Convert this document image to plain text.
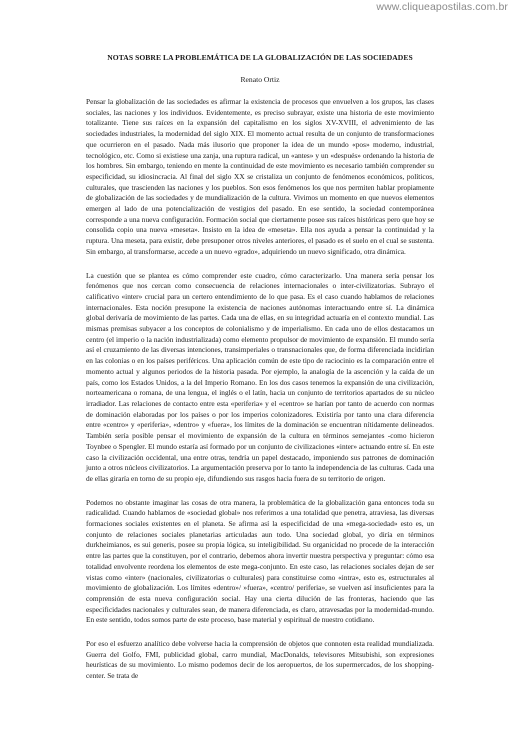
www.cliqueapostilas.com.br
NOTAS SOBRE LA PROBLEMÁTICA DE LA GLOBALIZACIÓN DE LAS SOCIEDADES
Renato Ortiz

Pensar la globalización de las sociedades es afirmar la existencia de procesos que envuelven a los grupos, las clases sociales, las naciones y los individuos. Evidentemente, es preciso subrayar, existe una historia de este movimiento totalizante. Tiene sus raíces en la expansión del capitalismo en los siglos XV-XVIII, el advenimiento de las sociedades industriales, la modernidad del siglo XIX. El momento actual resulta de un conjunto de transformaciones que ocurrieron en el pasado. Nada más ilusorio que proponer la idea de un mundo «pos» moderno, industrial, tecnológico, etc. Como si existiese una zanja, una ruptura radical, un «antes» y un «después» ordenando la historia de los hombres. Sin embargo, teniendo en mente la continuidad de este movimiento es necesario también comprender su especificidad, su idiosincracia. Al final del siglo XX se cristaliza un conjunto de fenómenos económicos, políticos, culturales, que trascienden las naciones y los pueblos. Son esos fenómenos los que nos permiten hablar propiamente de globalización de las sociedades y de mundialización de la cultura. Vivimos un momento en que nuevos elementos emergen al lado de una potencialización de vestigios del pasado. En ese sentido, la sociedad contemporánea corresponde a una nueva configuración. Formación social que ciertamente posee sus raíces históricas pero que hoy se consolida copio una nueva «meseta». Insisto en la idea de «meseta». Ella nos ayuda a pensar la continuidad y la ruptura. Una meseta, para existir, debe presuponer otros niveles anteriores, el pasado es el suelo en el cual se sustenta. Sin embargo, al transformarse, accede a un nuevo «grado», adquiriendo un nuevo significado, otra dinámica.

La cuestión que se plantea es cómo comprender este cuadro, cómo caracterizarlo. Una manera sería pensar los fenómenos que nos cercan como consecuencia de relaciones internacionales o inter-civilizatorias. Subrayo el calificativo «inter» crucial para un certero entendimiento de lo que pasa. Es el caso cuando hablamos de relaciones internacionales. Esta noción presupone la existencia de naciones autónomas interactuando entre sí. La dinámica global derivaría de movimiento de las partes. Cada una de ellas, en su integridad actuaría en el contexto mundial. Las mismas premisas subyacer a los conceptos de colonialismo y de imperialismo. En cada uno de ellos destacamos un centro (el imperio o la nación industrializada) como elemento propulsor de movimiento de expansión. El mundo sería así el cruzamiento de las diversas intenciones, transimperiales o transnacionales que, de forma diferenciada incidirían en las colonias o en los países periféricos. Una aplicación común de este tipo de raciocinio es la comparación entre el momento actual y algunos periodos de la historia pasada. Por ejemplo, la analogía de la ascención y la caída de un país, como los Estados Unidos, a la del Imperio Romano. En los dos casos tenemos la expansión de una civilización, norteamericana o romana, de una lengua, el inglés o el latín, hacia un conjunto de territorios apartados de su núcleo irradiador. Las relaciones de contacto entre esta «periferia» y el «centro» se harían por tanto de acuerdo con normas de dominación elaboradas por los países o por los imperios colonizadores. Existiría por tanto una clara diferencia entre «centro» y «periferia», «dentro» y «fuera», los límites de la dominación se encuentran nítidamente delineados. También sería posible pensar el movimiento de expansión de la cultura en términos semejantes -como hicieron Toynbee o Spengler. El mundo estaría así formado por un conjunto de civilizaciones «inter» actuando entre sí. En este caso la civilización occidental, una entre otras, tendría un papel destacado, imponiendo sus patrones de dominación junto a otros núcleos civilizatorios. La argumentación preserva por lo tanto la independencia de las culturas. Cada una de ellas giraría en torno de su propio eje, difundiendo sus rasgos hacia fuera de su territorio de origen.

Podemos no obstante imaginar las cosas de otra manera, la problemática de la globalización gana entonces toda su radicalidad. Cuando hablamos de «sociedad global» nos referimos a una totalidad que penetra, atraviesa, las diversas formaciones sociales existentes en el planeta. Se afirma así la especificidad de una «mega-sociedad» esto es, un conjunto de relaciones sociales planetarias articuladas aun todo. Una sociedad global, yo diría en términos durkheimianos, es sui generis, posee su propia lógica, su inteligibilidad. Su organicidad no procede de la interacción entre las partes que la constituyen, por el contrario, debemos ahora invertir nuestra perspectiva y preguntar: cómo esa totalidad envolvente reordena los elementos de este mega-conjunto. En este caso, las relaciones sociales dejan de ser vistas como «inter» (nacionales, civilizatorias o culturales) para constituirse como «intra», esto es, estructurales al movimiento de globalización. Los límites «dentro»/ »fuera», «centro/ periferia», se vuelven así insuficientes para la comprensión de esta nueva configuración social. Hay una cierta dilución de las fronteras, haciendo que las especificidades nacionales y culturales sean, de manera diferenciada, es claro, atravesadas por la modernidad-mundo. En este sentido, todos somos parte de este proceso, base material y espiritual de nuestro cotidiano.

Por eso el esfuerzo analítico debe volverse hacia la comprensión de objetos que connoten esta realidad mundializada. Guerra del Golfo, FMI, publicidad global, carro mundial, MacDonalds, televisores Mitsubishi, son expresiones heurísticas de su movimiento. Lo mismo podemos decir de los aeropuertos, de los supermercados, de los shopping-center. Se trata de
